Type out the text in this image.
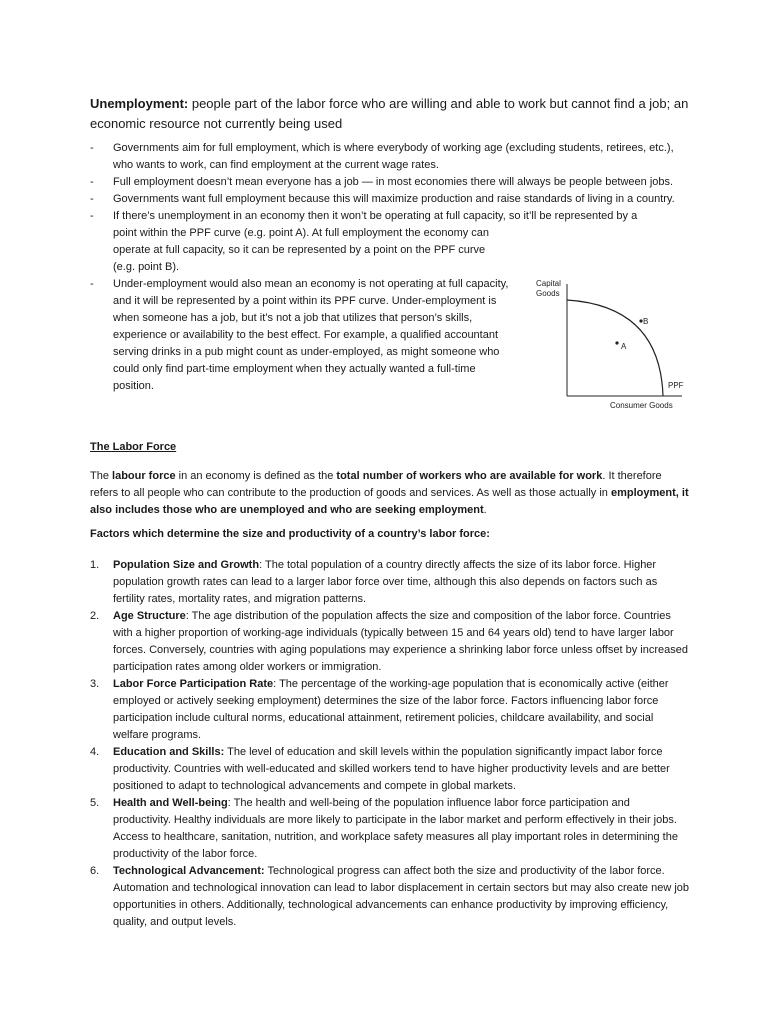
Unemployment: people part of the labor force who are willing and able to work but cannot find a job; an economic resource not currently being used
- Governments aim for full employment, which is where everybody of working age (excluding students, retirees, etc.), who wants to work, can find employment at the current wage rates.
- Full employment doesn’t mean everyone has a job — in most economies there will always be people between jobs.
- Governments want full employment because this will maximize production and raise standards of living in a country.
- If there’s unemployment in an economy then it won’t be operating at full capacity, so it’ll be represented by a
point within the PPF curve (e.g. point A). At full employment the economy can operate at full capacity, so it can be represented by a point on the PPF curve (e.g. point B).
- Under-employment would also mean an economy is not operating at full capacity, and it will be represented by a point within its PPF curve. Under-employment is when someone has a job, but it’s not a job that utilizes that person’s skills, experience or availability to the best effect. For example, a qualified accountant serving drinks in a pub might count as under-employed, as might someone who could only find part-time employment when they actually wanted a full-time position.
Capital
Goods
B
A
PPF
Consumer Goods
The Labor Force
The labour force in an economy is defined as the total number of workers who are available for work. It therefore refers to all people who can contribute to the production of goods and services. As well as those actually in employment, it also includes those who are unemployed and who are seeking employment.
Factors which determine the size and productivity of a country’s labor force:
1. Population Size and Growth: The total population of a country directly affects the size of its labor force. Higher population growth rates can lead to a larger labor force over time, although this also depends on factors such as fertility rates, mortality rates, and migration patterns.
2. Age Structure: The age distribution of the population affects the size and composition of the labor force. Countries with a higher proportion of working-age individuals (typically between 15 and 64 years old) tend to have larger labor forces. Conversely, countries with aging populations may experience a shrinking labor force unless offset by increased participation rates among older workers or immigration.
3. Labor Force Participation Rate: The percentage of the working-age population that is economically active (either employed or actively seeking employment) determines the size of the labor force. Factors influencing labor force participation include cultural norms, educational attainment, retirement policies, childcare availability, and social welfare programs.
4. Education and Skills: The level of education and skill levels within the population significantly impact labor force productivity. Countries with well-educated and skilled workers tend to have higher productivity levels and are better positioned to adapt to technological advancements and compete in global markets.
5. Health and Well-being: The health and well-being of the population influence labor force participation and productivity. Healthy individuals are more likely to participate in the labor market and perform effectively in their jobs. Access to healthcare, sanitation, nutrition, and workplace safety measures all play important roles in determining the productivity of the labor force.
6. Technological Advancement: Technological progress can affect both the size and productivity of the labor force. Automation and technological innovation can lead to labor displacement in certain sectors but may also create new job opportunities in others. Additionally, technological advancements can enhance productivity by improving efficiency, quality, and output levels.
